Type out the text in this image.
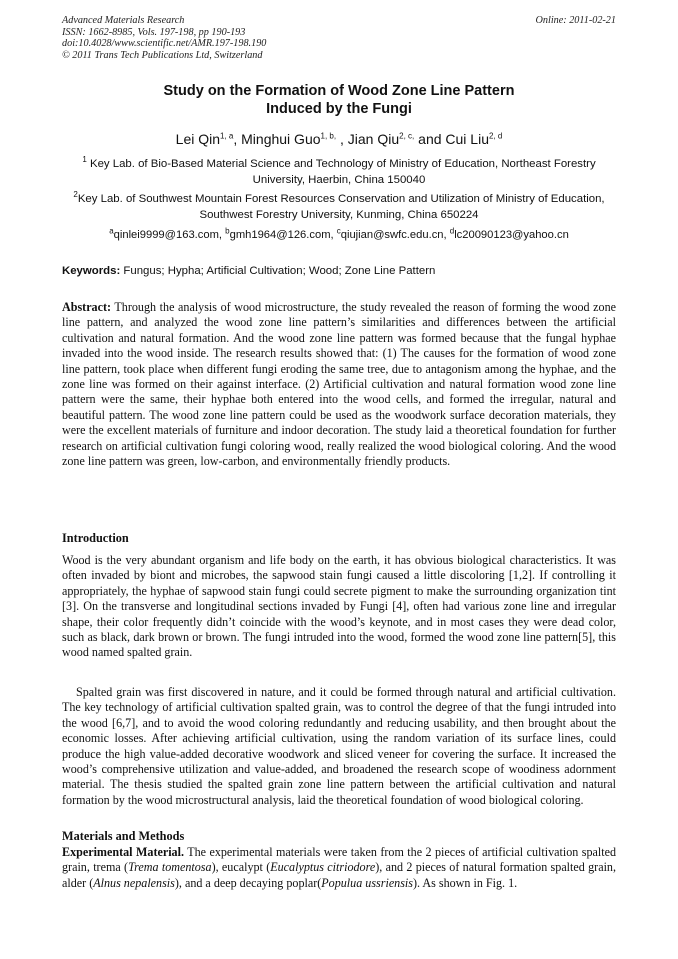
Advanced Materials Research
ISSN: 1662-8985, Vols. 197-198, pp 190-193
doi:10.4028/www.scientific.net/AMR.197-198.190
© 2011 Trans Tech Publications Ltd, Switzerland
Online: 2011-02-21
Study on the Formation of Wood Zone Line Pattern
Induced by the Fungi
Lei Qin$^{1, a}$, Minghui Guo$^{1, b,}$ , Jian Qiu$^{2, c,}$ and Cui Liu$^{2, d}$
$^1$ Key Lab. of Bio-Based Material Science and Technology of Ministry of Education, Northeast Forestry University, Haerbin, China 150040
$^2$Key Lab. of Southwest Mountain Forest Resources Conservation and Utilization of Ministry of Education, Southwest Forestry University, Kunming, China 650224
$^a$qinlei9999@163.com, $^b$gmh1964@126.com, $^c$qiujian@swfc.edu.cn, $^d$lc20090123@yahoo.cn
Keywords: Fungus; Hypha; Artificial Cultivation; Wood; Zone Line Pattern
Abstract: Through the analysis of wood microstructure, the study revealed the reason of forming the wood zone line pattern, and analyzed the wood zone line pattern’s similarities and differences between the artificial cultivation and natural formation. And the wood zone line pattern was formed because that the fungal hyphae invaded into the wood inside. The research results showed that: (1) The causes for the formation of wood zone line pattern, took place when different fungi eroding the same tree, due to antagonism among the hyphae, and the zone line was formed on their against interface. (2) Artificial cultivation and natural formation wood zone line pattern were the same, their hyphae both entered into the wood cells, and formed the irregular, natural and beautiful pattern. The wood zone line pattern could be used as the woodwork surface decoration materials, they were the excellent materials of furniture and indoor decoration. The study laid a theoretical foundation for further research on artificial cultivation fungi coloring wood, really realized the wood biological coloring. And the wood zone line pattern was green, low-carbon, and environmentally friendly products.
Introduction
Wood is the very abundant organism and life body on the earth, it has obvious biological characteristics. It was often invaded by biont and microbes, the sapwood stain fungi caused a little discoloring [1,2]. If controlling it appropriately, the hyphae of sapwood stain fungi could secrete pigment to make the surrounding organization tint [3]. On the transverse and longitudinal sections invaded by Fungi [4], often had various zone line and irregular shape, their color frequently didn’t coincide with the wood’s keynote, and in most cases they were dead color, such as black, dark brown or brown. The fungi intruded into the wood, formed the wood zone line pattern[5], this wood named spalted grain.
Spalted grain was first discovered in nature, and it could be formed through natural and artificial cultivation. The key technology of artificial cultivation spalted grain, was to control the degree of that the fungi intruded into the wood [6,7], and to avoid the wood coloring redundantly and reducing usability, and then brought about the economic losses. After achieving artificial cultivation, using the random variation of its surface lines, could produce the high value-added decorative woodwork and sliced veneer for covering the surface. It increased the wood’s comprehensive utilization and value-added, and broadened the research scope of woodiness adornment material. The thesis studied the spalted grain zone line pattern between the artificial cultivation and natural formation by the wood microstructural analysis, laid the theoretical foundation of wood biological coloring.
Materials and Methods
Experimental Material. The experimental materials were taken from the 2 pieces of artificial cultivation spalted grain, trema (Trema tomentosa), eucalypt (Eucalyptus citriodore), and 2 pieces of natural formation spalted grain, alder (Alnus nepalensis), and a deep decaying poplar(Populua ussriensis). As shown in Fig. 1.
